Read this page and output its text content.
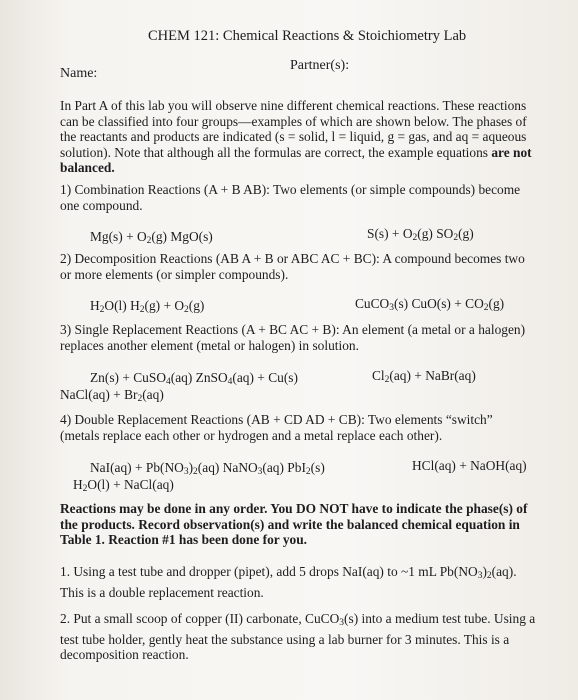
CHEM 121: Chemical Reactions & Stoichiometry Lab
Name:
Partner(s):
In Part A of this lab you will observe nine different chemical reactions. These reactions can be classified into four groups—examples of which are shown below. The phases of the reactants and products are indicated (s = solid, l = liquid, g = gas, and aq = aqueous solution). Note that although all the formulas are correct, the example equations are not balanced.
1) Combination Reactions (A + B AB): Two elements (or simple compounds) become one compound.
$Mg(s) + O_2(g)$ MgO(s)	$S(s) + O_2(g)$ $SO_2(g)$
2) Decomposition Reactions (AB A + B or ABC AC + BC): A compound becomes two or more elements (or simpler compounds).
$H_2O(l) H_2(g) + O_2(g)$	CuCO$_3$(s) $CuO(s) + CO_2(g)$
3) Single Replacement Reactions (A + BC AC + B): An element (a metal or a halogen) replaces another element (metal or halogen) in solution.
Zn(s) + CuSO$_4$(aq) ZnSO$_4$(aq) + Cu(s)	$Cl_2(aq)$ + NaBr(aq)
NaCl(aq) + $Br_2(aq)$
4) Double Replacement Reactions (AB + CD AD + CB): Two elements “switch” (metals replace each other or hydrogen and a metal replace each other).
$NaI(aq) + Pb(NO_3)_2(aq)$ NaNO$_3$(aq) PbI$_2$(s)	HCl(aq) + NaOH(aq)
$H_2O(l)$ + NaCl(aq)
Reactions may be done in any order. You DO NOT have to indicate the phase(s) of the products. Record observation(s) and write the balanced chemical equation in Table 1. Reaction #1 has been done for you.
1. Using a test tube and dropper (pipet), add 5 drops NaI(aq) to ~1 mL $Pb(NO_3)_2(aq)$.
This is a double replacement reaction.
2. Put a small scoop of copper (II) carbonate, CuCO$_3$(s) into a medium test tube. Using a test tube holder, gently heat the substance using a lab burner for 3 minutes. This is a decomposition reaction.
